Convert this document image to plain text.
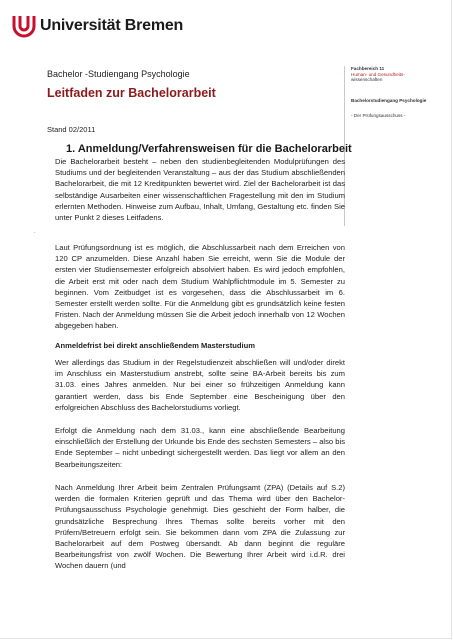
Universität Bremen
Fachbereich 11
Human- und Gesundheits-
wissenschaften
Bachelorstudiengang Psychologie
- Der Prüfungsausschuss -
Bachelor -Studiengang Psychologie
Leitfaden zur Bachelorarbeit
Stand 02/2011
1. Anmeldung/Verfahrensweisen für die Bachelorarbeit
.
Die Bachelorarbeit besteht – neben den studienbegleitenden Modulprüfungen des Studiums und der begleitenden Veranstaltung – aus der das Studium abschließenden Bachelorarbeit, die mit 12 Kreditpunkten bewertet wird. Ziel der Bachelorarbeit ist das selbständige Ausarbeiten einer wissenschaftlichen Fragestellung mit den im Studium erlernten Methoden. Hinweise zum Aufbau, Inhalt, Umfang, Gestaltung etc. finden Sie unter Punkt 2 dieses Leitfadens.
Laut Prüfungsordnung ist es möglich, die Abschlussarbeit nach dem Erreichen von 120 CP anzumelden. Diese Anzahl haben Sie erreicht, wenn Sie die Module der ersten vier Studiensemester erfolgreich absolviert haben. Es wird jedoch empfohlen, die Arbeit erst mit oder nach dem Studium Wahlpflichtmodule im 5. Semester zu beginnen. Vom Zeitbudget ist es vorgesehen, dass die Abschlussarbeit im 6. Semester erstellt werden sollte. Für die Anmeldung gibt es grundsätzlich keine festen Fristen. Nach der Anmeldung müssen Sie die Arbeit jedoch innerhalb von 12 Wochen abgegeben haben.
Anmeldefrist bei direkt anschließendem Masterstudium
Wer allerdings das Studium in der Regelstudienzeit abschließen will und/oder direkt im Anschluss ein Masterstudium anstrebt, sollte seine BA-Arbeit bereits bis zum 31.03. eines Jahres anmelden. Nur bei einer so frühzeitigen Anmeldung kann garantiert werden, dass bis Ende September eine Bescheinigung über den erfolgreichen Abschluss des Bachelorstudiums vorliegt.
Erfolgt die Anmeldung nach dem 31.03., kann eine abschließende Bearbeitung einschließlich der Erstellung der Urkunde bis Ende des sechsten Semesters – also bis Ende September – nicht unbedingt sichergestellt werden. Das liegt vor allem an den Bearbeitungszeiten:
Nach Anmeldung Ihrer Arbeit beim Zentralen Prüfungsamt (ZPA) (Details auf S.2) werden die formalen Kriterien geprüft und das Thema wird über den Bachelor-Prüfungsausschuss Psychologie genehmigt. Dies geschieht der Form halber, die grundsätzliche Besprechung Ihres Themas sollte bereits vorher mit den Prüfern/Betreuern erfolgt sein. Sie bekommen dann vom ZPA die Zulassung zur Bachelorarbeit auf dem Postweg übersandt. Ab dann beginnt die reguläre Bearbeitungsfrist von zwölf Wochen. Die Bewertung Ihrer Arbeit wird i.d.R. drei Wochen dauern (und
